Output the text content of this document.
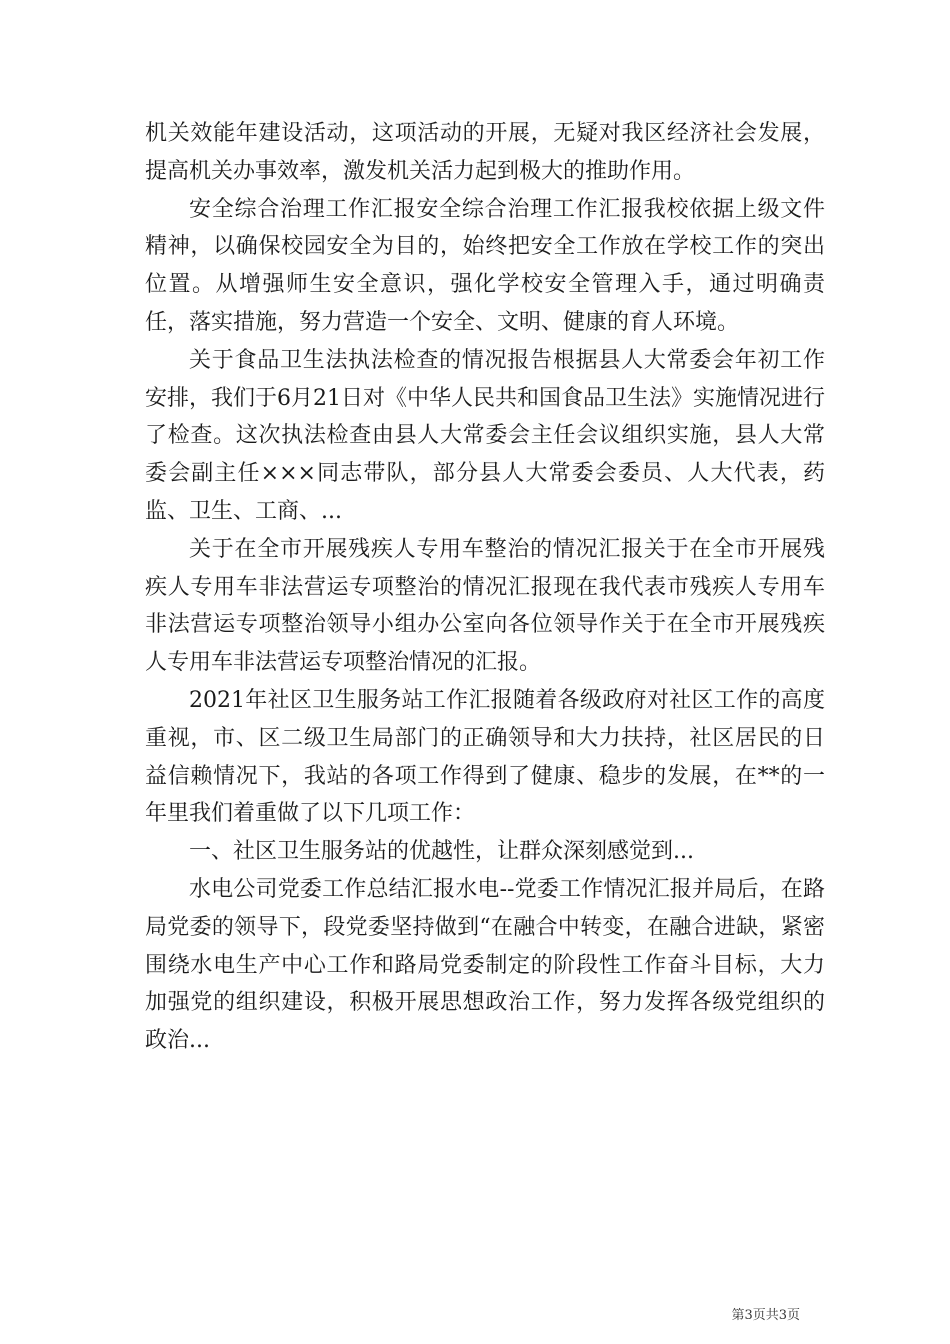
机关效能年建设活动，这项活动的开展，无疑对我区经济社会发展，提高机关办事效率，激发机关活力起到极大的推助作用。

安全综合治理工作汇报安全综合治理工作汇报我校依据上级文件精神，以确保校园安全为目的，始终把安全工作放在学校工作的突出位置。从增强师生安全意识，强化学校安全管理入手，通过明确责任，落实措施，努力营造一个安全、文明、健康的育人环境。

关于食品卫生法执法检查的情况报告根据县人大常委会年初工作安排，我们于6月21日对《中华人民共和国食品卫生法》实施情况进行了检查。这次执法检查由县人大常委会主任会议组织实施，县人大常委会副主任×××同志带队，部分县人大常委会委员、人大代表，药监、卫生、工商、...

关于在全市开展残疾人专用车整治的情况汇报关于在全市开展残疾人专用车非法营运专项整治的情况汇报现在我代表市残疾人专用车非法营运专项整治领导小组办公室向各位领导作关于在全市开展残疾人专用车非法营运专项整治情况的汇报。

2021年社区卫生服务站工作汇报随着各级政府对社区工作的高度重视，市、区二级卫生局部门的正确领导和大力扶持，社区居民的日益信赖情况下，我站的各项工作得到了健康、稳步的发展，在**的一年里我们着重做了以下几项工作：

一、社区卫生服务站的优越性，让群众深刻感觉到...

水电公司党委工作总结汇报水电--党委工作情况汇报并局后，在路局党委的领导下，段党委坚持做到“在融合中转变，在融合进缺，紧密围绕水电生产中心工作和路局党委制定的阶段性工作奋斗目标，大力加强党的组织建设，积极开展思想政治工作，努力发挥各级党组织的政治...

第3页共3页
